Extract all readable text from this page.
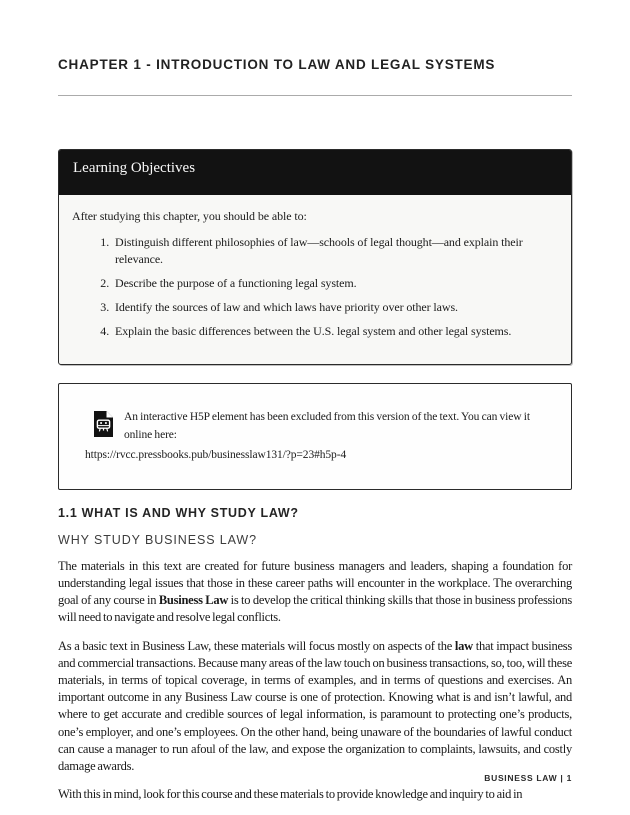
CHAPTER 1 - INTRODUCTION TO LAW AND LEGAL SYSTEMS
Learning Objectives

After studying this chapter, you should be able to:

1. Distinguish different philosophies of law—schools of legal thought—and explain their relevance.
2. Describe the purpose of a functioning legal system.
3. Identify the sources of law and which laws have priority over other laws.
4. Explain the basic differences between the U.S. legal system and other legal systems.

An interactive H5P element has been excluded from this version of the text. You can view it online here:

https://rvcc.pressbooks.pub/businesslaw131/?p=23#h5p-4
1.1 WHAT IS AND WHY STUDY LAW?
WHY STUDY BUSINESS LAW?

The materials in this text are created for future business managers and leaders, shaping a foundation for understanding legal issues that those in these career paths will encounter in the workplace. The overarching goal of any course in Business Law is to develop the critical thinking skills that those in business professions will need to navigate and resolve legal conflicts.

As a basic text in Business Law, these materials will focus mostly on aspects of the law that impact business and commercial transactions. Because many areas of the law touch on business transactions, so, too, will these materials, in terms of topical coverage, in terms of examples, and in terms of questions and exercises. An important outcome in any Business Law course is one of protection. Knowing what is and isn’t lawful, and where to get accurate and credible sources of legal information, is paramount to protecting one’s products, one’s employer, and one’s employees. On the other hand, being unaware of the boundaries of lawful conduct can cause a manager to run afoul of the law, and expose the organization to complaints, lawsuits, and costly damage awards.

With this in mind, look for this course and these materials to provide knowledge and inquiry to aid in

BUSINESS LAW | 1
